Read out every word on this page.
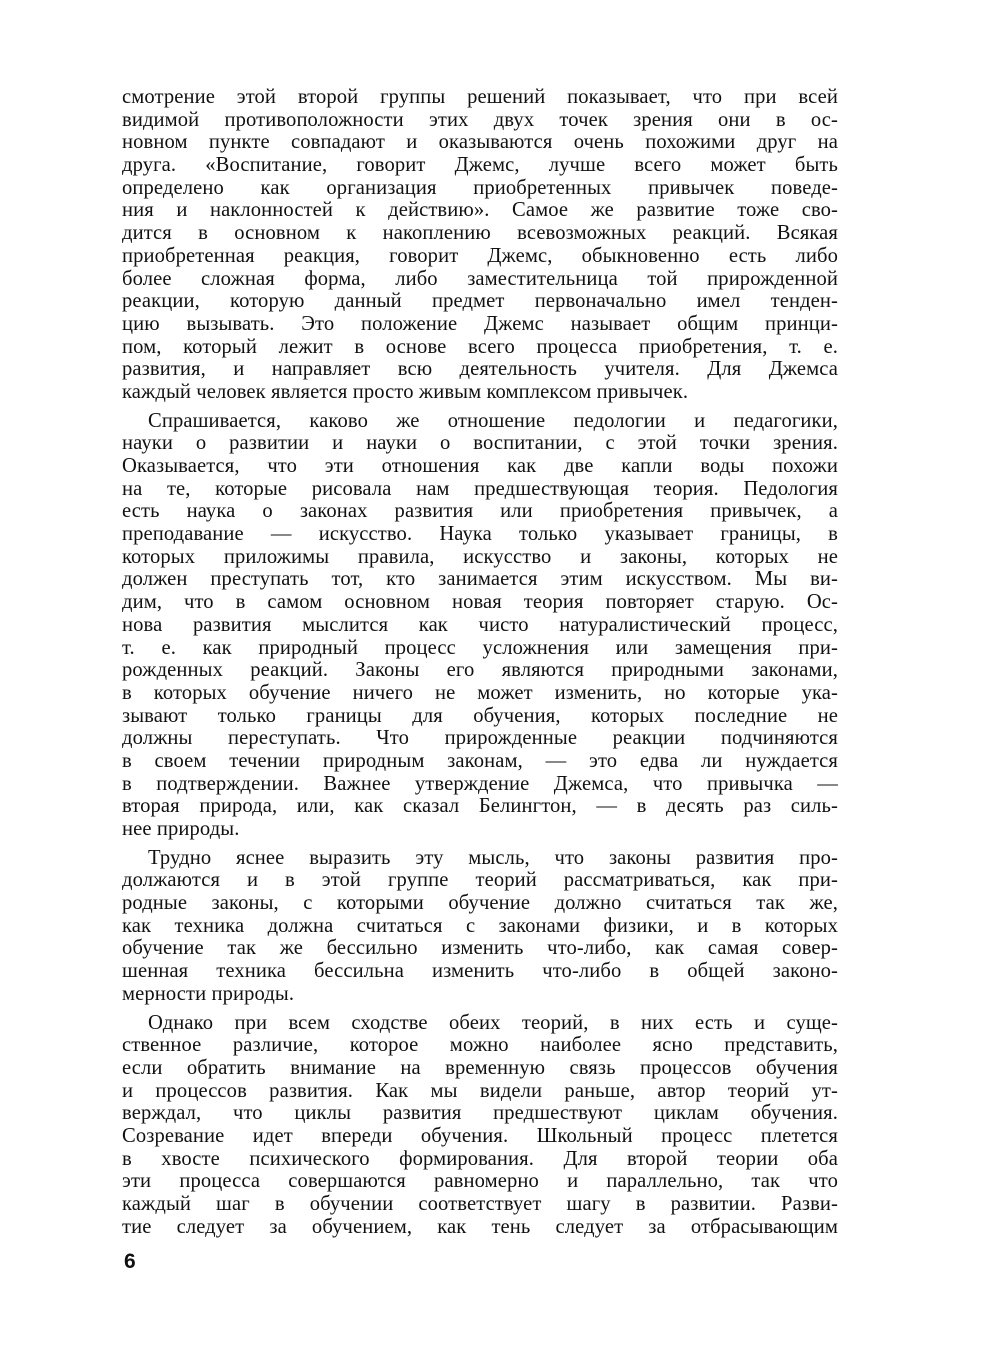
смотрение этой второй группы решений показывает, что при всей
видимой противоположности этих двух точек зрения они в ос-
новном пункте совпадают и оказываются очень похожими друг на
друга. «Воспитание, говорит Джемс, лучше всего может быть
определено как организация приобретенных привычек поведе-
ния и наклонностей к действию». Самое же развитие тоже сво-
дится в основном к накоплению всевозможных реакций. Всякая
приобретенная реакция, говорит Джемс, обыкновенно есть либо
более сложная форма, либо заместительница той прирожденной
реакции, которую данный предмет первоначально имел тенден-
цию вызывать. Это положение Джемс называет общим принци-
пом, который лежит в основе всего процесса приобретения, т. е.
развития, и направляет всю деятельность учителя. Для Джемса
каждый человек является просто живым комплексом привычек.
Спрашивается, каково же отношение педологии и педагогики,
науки о развитии и науки о воспитании, с этой точки зрения.
Оказывается, что эти отношения как две капли воды похожи
на те, которые рисовала нам предшествующая теория. Педология
есть наука о законах развития или приобретения привычек, а
преподавание — искусство. Наука только указывает границы, в
которых приложимы правила, искусство и законы, которых не
должен преступать тот, кто занимается этим искусством. Мы ви-
дим, что в самом основном новая теория повторяет старую. Ос-
нова развития мыслится как чисто натуралистический процесс,
т. е. как природный процесс усложнения или замещения при-
рожденных реакций. Законы его являются природными законами,
в которых обучение ничего не может изменить, но которые ука-
зывают только границы для обучения, которых последние не
должны переступать. Что прирожденные реакции подчиняются
в своем течении природным законам, — это едва ли нуждается
в подтверждении. Важнее утверждение Джемса, что привычка —
вторая природа, или, как сказал Белингтон, — в десять раз силь-
нее природы.
Трудно яснее выразить эту мысль, что законы развития про-
должаются и в этой группе теорий рассматриваться, как при-
родные законы, с которыми обучение должно считаться так же,
как техника должна считаться с законами физики, и в которых
обучение так же бессильно изменить что-либо, как самая совер-
шенная техника бессильна изменить что-либо в общей законо-
мерности природы.
Однако при всем сходстве обеих теорий, в них есть и суще-
ственное различие, которое можно наиболее ясно представить,
если обратить внимание на временную связь процессов обучения
и процессов развития. Как мы видели раньше, автор теорий ут-
верждал, что циклы развития предшествуют циклам обучения.
Созревание идет впереди обучения. Школьный процесс плетется
в хвосте психического формирования. Для второй теории оба
эти процесса совершаются равномерно и параллельно, так что
каждый шаг в обучении соответствует шагу в развитии. Разви-
тие следует за обучением, как тень следует за отбрасывающим
6
